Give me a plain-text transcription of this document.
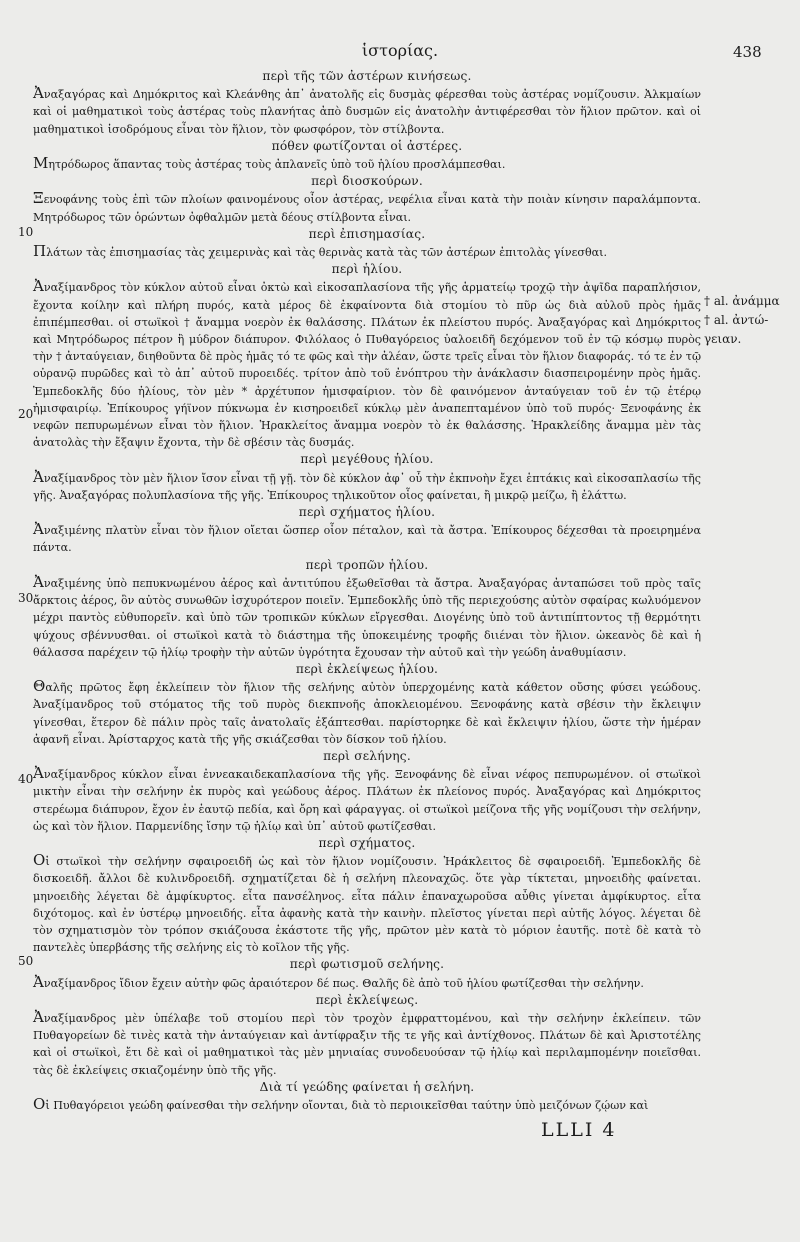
ἱστορίας.	438
10
20
30
40
50
† al. ἀνάμμα
† al. ἀντώ-
γειαν.

περὶ τῆς τῶν ἀστέρων κινήσεως.

Ἀναξαγόρας καὶ Δημόκριτος καὶ Κλεάνθης ἀπ᾽ ἀνατολῆς εἰς δυσμὰς φέρεσθαι τοὺς ἀστέρας νομίζουσιν. Ἀλκμαίων καὶ οἱ μαθηματικοὶ τοὺς ἀστέρας τοὺς πλανήτας ἀπὸ δυσμῶν εἰς ἀνατολὴν ἀντιφέρεσθαι τὸν ἥλιον πρῶτον. καὶ οἱ μαθηματικοὶ ἰσοδρόμους εἶναι τὸν ἥλιον, τὸν φωσφόρον, τὸν στίλβοντα.

πόθεν φωτίζονται οἱ ἀστέρες.

Μητρόδωρος ἅπαντας τοὺς ἀστέρας τοὺς ἀπλανεῖς ὑπὸ τοῦ ἡλίου προσλάμπεσθαι.

περὶ διοσκούρων.

Ξενοφάνης τοὺς ἐπὶ τῶν πλοίων φαινομένους οἷον ἀστέρας, νεφέλια εἶναι κατὰ τὴν ποιὰν κίνησιν παραλάμποντα. Μητρόδωρος τῶν ὁρώντων ὀφθαλμῶν μετὰ δέους στίλβοντα εἶναι.

περὶ ἐπισημασίας.

Πλάτων τὰς ἐπισημασίας τὰς χειμερινὰς καὶ τὰς θερινὰς κατὰ τὰς τῶν ἀστέρων ἐπιτολὰς γίνεσθαι.

περὶ ἡλίου.

Ἀναξίμανδρος τὸν κύκλον αὐτοῦ εἶναι ὀκτὼ καὶ εἰκοσαπλασίονα τῆς γῆς ἁρματείῳ τροχῷ τὴν ἀψῖδα παραπλήσιον, ἔχοντα κοίλην καὶ πλήρη πυρός, κατὰ μέρος δὲ ἐκφαίνοντα διὰ στομίου τὸ πῦρ ὡς διὰ αὐλοῦ πρὸς ἡμᾶς ἐπιπέμπεσθαι. οἱ στωϊκοὶ † ἄναμμα νοερὸν ἐκ θαλάσσης. Πλάτων ἐκ πλείστου πυρός. Ἀναξαγόρας καὶ Δημόκριτος καὶ Μητρόδωρος πέτρον ἢ μύδρον διάπυρον. Φιλόλαος ὁ Πυθαγόρειος ὑαλοειδῆ δεχόμενον τοῦ ἐν τῷ κόσμῳ πυρὸς τὴν † ἀνταύγειαν, διηθοῦντα δὲ πρὸς ἡμᾶς τό τε φῶς καὶ τὴν ἀλέαν, ὥστε τρεῖς εἶναι τὸν ἥλιον διαφοράς. τό τε ἐν τῷ οὐρανῷ πυρῶδες καὶ τὸ ἀπ᾽ αὐτοῦ πυροειδές. τρίτον ἀπὸ τοῦ ἐνόπτρου τὴν ἀνάκλασιν διασπειρομένην πρὸς ἡμᾶς. Ἐμπεδοκλῆς δύο ἡλίους, τὸν μὲν * ἀρχέτυπον ἡμισφαίριον. τὸν δὲ φαινόμενον ἀνταύγειαν τοῦ ἐν τῷ ἑτέρῳ ἡμισφαιρίῳ. Ἐπίκουρος γήϊνον πύκνωμα ἐν κισηροειδεῖ κύκλῳ μὲν ἀναπεπταμένον ὑπὸ τοῦ πυρός· Ξενοφάνης ἐκ νεφῶν πεπυρωμένων εἶναι τὸν ἥλιον. Ἡρακλείτος ἄναμμα νοερὸν τὸ ἐκ θαλάσσης. Ἡρακλείδης ἄναμμα μὲν τὰς ἀνατολὰς τὴν ἔξαψιν ἔχοντα, τὴν δὲ σβέσιν τὰς δυσμάς.

περὶ μεγέθους ἡλίου.

Ἀναξίμανδρος τὸν μὲν ἥλιον ἴσον εἶναι τῇ γῇ. τὸν δὲ κύκλον ἀφ᾽ οὗ τὴν ἐκπνοὴν ἔχει ἑπτάκις καὶ εἰκοσαπλασίω τῆς γῆς. Ἀναξαγόρας πολυπλασίονα τῆς γῆς. Ἐπίκουρος τηλικοῦτον οἷος φαίνεται, ἢ μικρῷ μείζω, ἢ ἐλάττω.

περὶ σχήματος ἡλίου.

Ἀναξιμένης πλατὺν εἶναι τὸν ἥλιον οἴεται ὥσπερ οἷον πέταλον, καὶ τὰ ἄστρα. Ἐπίκουρος δέχεσθαι τὰ προειρημένα πάντα.

περὶ τροπῶν ἡλίου.

Ἀναξιμένης ὑπὸ πεπυκνωμένου ἀέρος καὶ ἀντιτύπου ἐξωθεῖσθαι τὰ ἄστρα. Ἀναξαγόρας ἀνταπώσει τοῦ πρὸς ταῖς ἄρκτοις ἀέρος, ὃν αὐτὸς συνωθῶν ἰσχυρότερον ποιεῖν. Ἐμπεδοκλῆς ὑπὸ τῆς περιεχούσης αὐτὸν σφαίρας κωλυόμενον μέχρι παντὸς εὐθυπορεῖν. καὶ ὑπὸ τῶν τροπικῶν κύκλων εἴργεσθαι. Διογένης ὑπὸ τοῦ ἀντιπίπτοντος τῇ θερμότητι ψύχους σβέννυσθαι. οἱ στωϊκοὶ κατὰ τὸ διάστημα τῆς ὑποκειμένης τροφῆς διιέναι τὸν ἥλιον. ὠκεανὸς δὲ καὶ ἡ θάλασσα παρέχειν τῷ ἡλίῳ τροφὴν τὴν αὐτῶν ὑγρότητα ἔχουσαν τὴν αὐτοῦ καὶ τὴν γεώδη ἀναθυμίασιν.

περὶ ἐκλείψεως ἡλίου.

Θαλῆς πρῶτος ἔφη ἐκλείπειν τὸν ἥλιον τῆς σελήνης αὐτὸν ὑπερχομένης κατὰ κάθετον οὔσης φύσει γεώδους. Ἀναξίμανδρος τοῦ στόματος τῆς τοῦ πυρὸς διεκπνοῆς ἀποκλειομένου. Ξενοφάνης κατὰ σβέσιν τὴν ἔκλειψιν γίνεσθαι, ἕτερον δὲ πάλιν πρὸς ταῖς ἀνατολαῖς ἐξάπτεσθαι. παρίστορηκε δὲ καὶ ἔκλειψιν ἡλίου, ὥστε τὴν ἡμέραν ἀφανῆ εἶναι. Ἀρίσταρχος κατὰ τῆς γῆς σκιάζεσθαι τὸν δίσκον τοῦ ἡλίου.

περὶ σελήνης.

Ἀναξίμανδρος κύκλον εἶναι ἐννεακαιδεκαπλασίονα τῆς γῆς. Ξενοφάνης δὲ εἶναι νέφος πεπυρωμένον. οἱ στωϊκοὶ μικτὴν εἶναι τὴν σελήνην ἐκ πυρὸς καὶ γεώδους ἀέρος. Πλάτων ἐκ πλείονος πυρός. Ἀναξαγόρας καὶ Δημόκριτος στερέωμα διάπυρον, ἔχον ἐν ἑαυτῷ πεδία, καὶ ὄρη καὶ φάραγγας. οἱ στωϊκοὶ μείζονα τῆς γῆς νομίζουσι τὴν σελήνην, ὡς καὶ τὸν ἥλιον. Παρμενίδης ἴσην τῷ ἡλίῳ καὶ ὑπ᾽ αὐτοῦ φωτίζεσθαι.

περὶ σχήματος.

Οἱ στωϊκοὶ τὴν σελήνην σφαιροειδῆ ὡς καὶ τὸν ἥλιον νομίζουσιν. Ἡράκλειτος δὲ σφαιροειδῆ. Ἐμπεδοκλῆς δὲ δισκοειδῆ. ἄλλοι δὲ κυλινδροειδῆ. σχηματίζεται δὲ ἡ σελήνη πλεοναχῶς. ὅτε γὰρ τίκτεται, μηνοειδὴς φαίνεται. μηνοειδὴς λέγεται δὲ ἀμφίκυρτος. εἶτα πανσέληνος. εἶτα πάλιν ἐπαναχωροῦσα αὖθις γίνεται ἀμφίκυρτος. εἶτα διχότομος. καὶ ἐν ὑστέρῳ μηνοειδής. εἶτα ἀφανὴς κατὰ τὴν καινὴν. πλεῖστος γίνεται περὶ αὐτῆς λόγος. λέγεται δὲ τὸν σχηματισμὸν τὸν τρόπον σκιάζουσα ἑκάστοτε τῆς γῆς, πρῶτον μὲν κατὰ τὸ μόριον ἑαυτῆς. ποτὲ δὲ κατὰ τὸ παντελὲς ὑπερβάσης τῆς σελήνης εἰς τὸ κοῖλον τῆς γῆς.

περὶ φωτισμοῦ σελήνης.

Ἀναξίμανδρος ἴδιον ἔχειν αὐτὴν φῶς ἀραιότερον δέ πως. Θαλῆς δὲ ἀπὸ τοῦ ἡλίου φωτίζεσθαι τὴν σελήνην.

περὶ ἐκλείψεως.

Ἀναξίμανδρος μὲν ὑπέλαβε τοῦ στομίου περὶ τὸν τροχὸν ἐμφραττομένου, καὶ τὴν σελήνην ἐκλείπειν. τῶν Πυθαγορείων δὲ τινὲς κατὰ τὴν ἀνταύγειαν καὶ ἀντίφραξιν τῆς τε γῆς καὶ ἀντίχθονος. Πλάτων δὲ καὶ Ἀριστοτέλης καὶ οἱ στωϊκοὶ, ἔτι δὲ καὶ οἱ μαθηματικοὶ τὰς μὲν μηνιαίας συνοδευούσαν τῷ ἡλίῳ καὶ περιλαμπομένην ποιεῖσθαι. τὰς δὲ ἐκλείψεις σκιαζομένην ὑπὸ τῆς γῆς.

Διὰ τί γεώδης φαίνεται ἡ σελήνη.

Οἱ Πυθαγόρειοι γεώδη φαίνεσθαι τὴν σελήνην οἴονται, διὰ τὸ περιοικεῖσθαι ταύτην ὑπὸ μειζόνων ζῴων καὶ

LLLI 4
